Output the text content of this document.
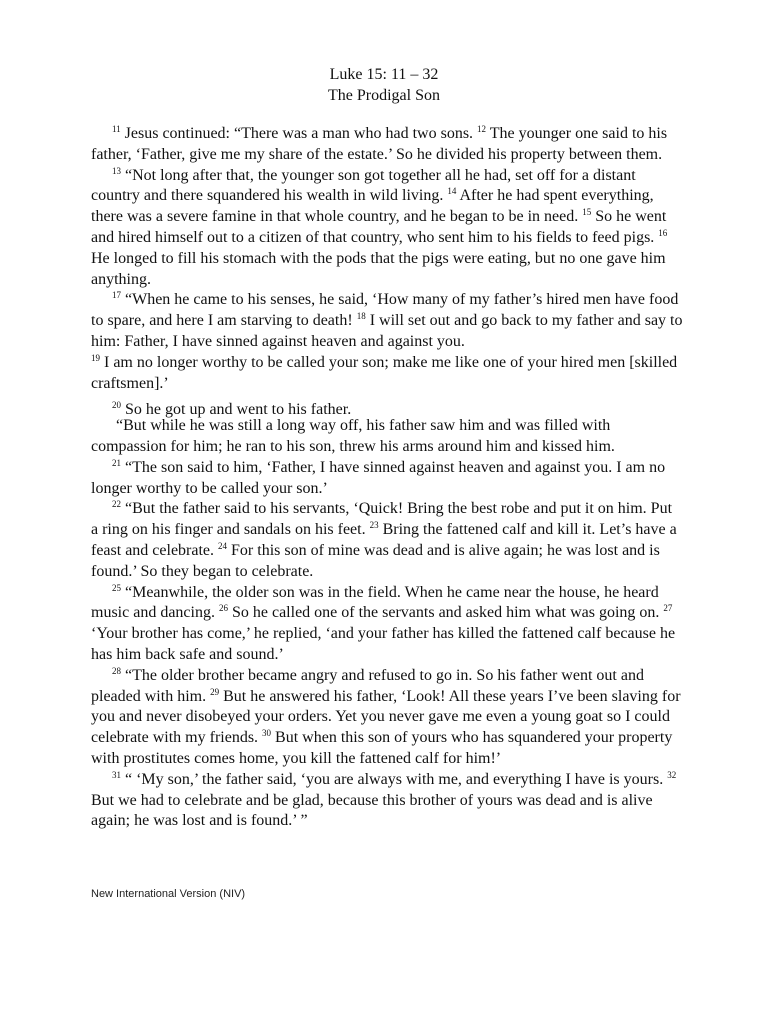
Luke 15: 11 – 32
The Prodigal Son

$^{11}$ Jesus continued: “There was a man who had two sons. $^{12}$ The younger one said to his father, ‘Father, give me my share of the estate.’ So he divided his property between them.

$^{13}$ “Not long after that, the younger son got together all he had, set off for a distant country and there squandered his wealth in wild living. $^{14}$ After he had spent everything, there was a severe famine in that whole country, and he began to be in need. $^{15}$ So he went and hired himself out to a citizen of that country, who sent him to his fields to feed pigs. $^{16}$ He longed to fill his stomach with the pods that the pigs were eating, but no one gave him anything.

$^{17}$ “When he came to his senses, he said, ‘How many of my father’s hired men have food to spare, and here I am starving to death! $^{18}$ I will set out and go back to my father and say to him: Father, I have sinned against heaven and against you.

$^{19}$ I am no longer worthy to be called your son; make me like one of your hired men [skilled craftsmen].’

$^{20}$ So he got up and went to his father.

“But while he was still a long way off, his father saw him and was filled with compassion for him; he ran to his son, threw his arms around him and kissed him.

$^{21}$ “The son said to him, ‘Father, I have sinned against heaven and against you. I am no longer worthy to be called your son.’

$^{22}$ “But the father said to his servants, ‘Quick! Bring the best robe and put it on him. Put a ring on his finger and sandals on his feet. $^{23}$ Bring the fattened calf and kill it. Let’s have a feast and celebrate. $^{24}$ For this son of mine was dead and is alive again; he was lost and is found.’ So they began to celebrate.

$^{25}$ “Meanwhile, the older son was in the field. When he came near the house, he heard music and dancing. $^{26}$ So he called one of the servants and asked him what was going on. $^{27}$ ‘Your brother has come,’ he replied, ‘and your father has killed the fattened calf because he has him back safe and sound.’

$^{28}$ “The older brother became angry and refused to go in. So his father went out and pleaded with him. $^{29}$ But he answered his father, ‘Look! All these years I’ve been slaving for you and never disobeyed your orders. Yet you never gave me even a young goat so I could celebrate with my friends. $^{30}$ But when this son of yours who has squandered your property with prostitutes comes home, you kill the fattened calf for him!’

$^{31}$ “ ‘My son,’ the father said, ‘you are always with me, and everything I have is yours. $^{32}$ But we had to celebrate and be glad, because this brother of yours was dead and is alive again; he was lost and is found.’ ”

New International Version (NIV)
